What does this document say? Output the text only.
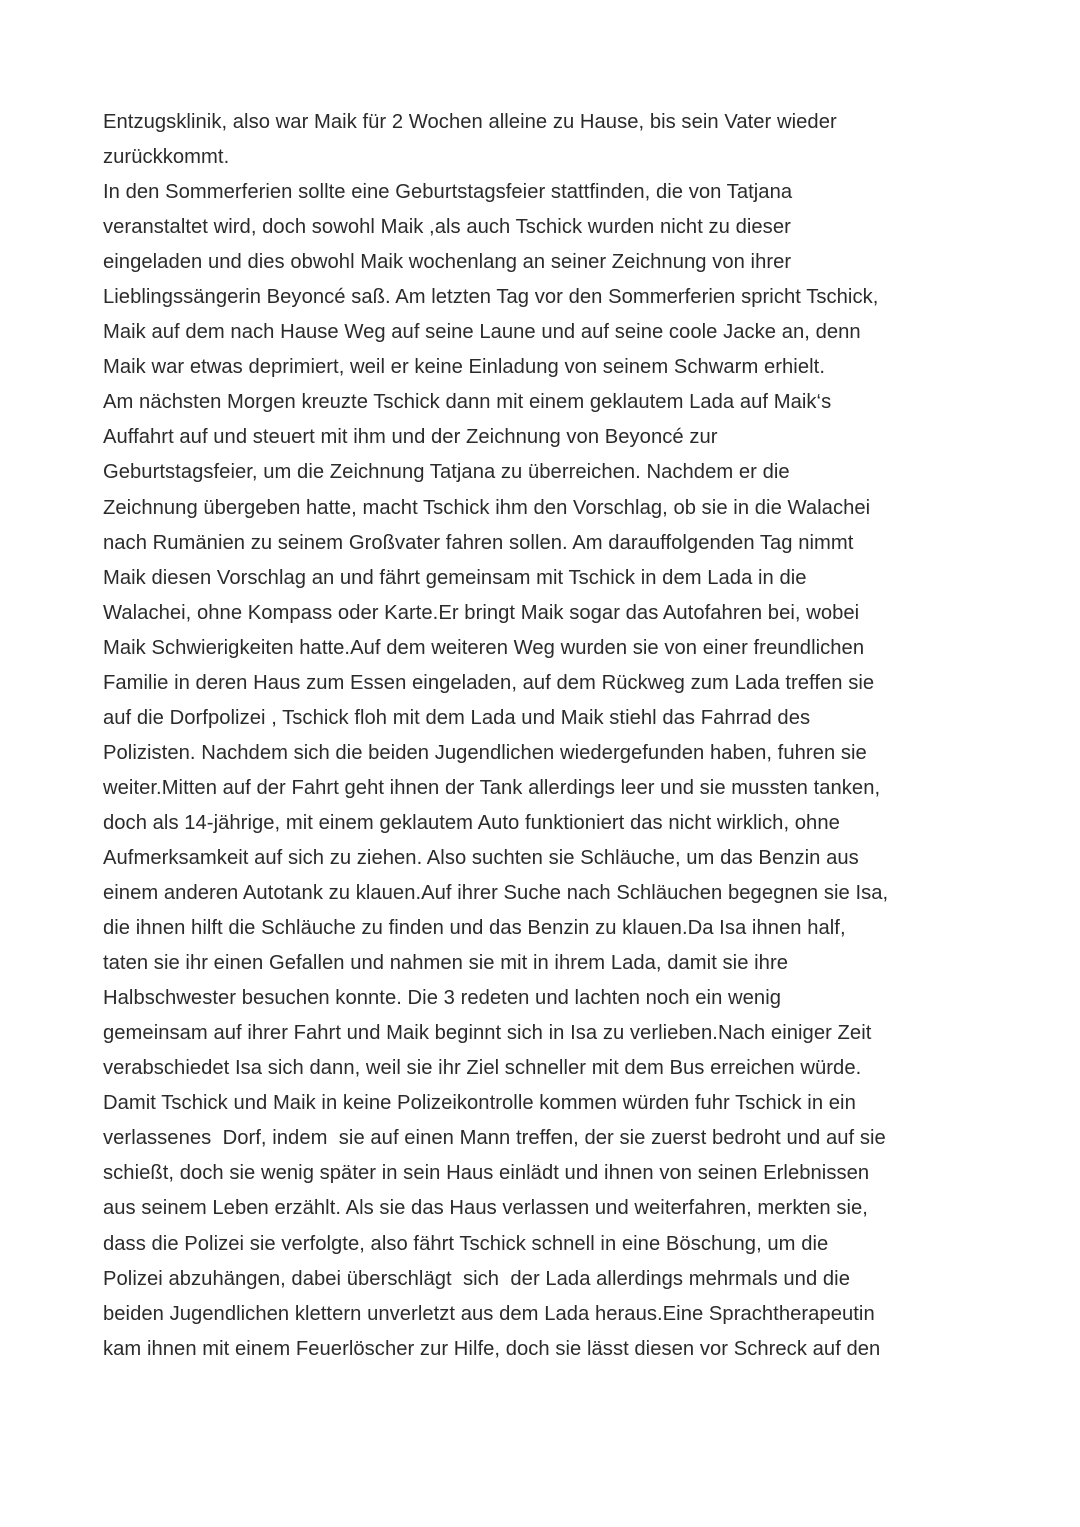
Entzugsklinik, also war Maik für 2 Wochen alleine zu Hause, bis sein Vater wieder
zurückkommt.
In den Sommerferien sollte eine Geburtstagsfeier stattfinden, die von Tatjana
veranstaltet wird, doch sowohl Maik ,als auch Tschick wurden nicht zu dieser
eingeladen und dies obwohl Maik wochenlang an seiner Zeichnung von ihrer
Lieblingssängerin Beyoncé saß. Am letzten Tag vor den Sommerferien spricht Tschick,
Maik auf dem nach Hause Weg auf seine Laune und auf seine coole Jacke an, denn
Maik war etwas deprimiert, weil er keine Einladung von seinem Schwarm erhielt.
Am nächsten Morgen kreuzte Tschick dann mit einem geklautem Lada auf Maik‘s
Auffahrt auf und steuert mit ihm und der Zeichnung von Beyoncé zur
Geburtstagsfeier, um die Zeichnung Tatjana zu überreichen. Nachdem er die
Zeichnung übergeben hatte, macht Tschick ihm den Vorschlag, ob sie in die Walachei
nach Rumänien zu seinem Großvater fahren sollen. Am darauffolgenden Tag nimmt
Maik diesen Vorschlag an und fährt gemeinsam mit Tschick in dem Lada in die
Walachei, ohne Kompass oder Karte.Er bringt Maik sogar das Autofahren bei, wobei
Maik Schwierigkeiten hatte.Auf dem weiteren Weg wurden sie von einer freundlichen
Familie in deren Haus zum Essen eingeladen, auf dem Rückweg zum Lada treffen sie
auf die Dorfpolizei , Tschick floh mit dem Lada und Maik stiehl das Fahrrad des
Polizisten. Nachdem sich die beiden Jugendlichen wiedergefunden haben, fuhren sie
weiter.Mitten auf der Fahrt geht ihnen der Tank allerdings leer und sie mussten tanken,
doch als 14-jährige, mit einem geklautem Auto funktioniert das nicht wirklich, ohne
Aufmerksamkeit auf sich zu ziehen. Also suchten sie Schläuche, um das Benzin aus
einem anderen Autotank zu klauen.Auf ihrer Suche nach Schläuchen begegnen sie Isa,
die ihnen hilft die Schläuche zu finden und das Benzin zu klauen.Da Isa ihnen half,
taten sie ihr einen Gefallen und nahmen sie mit in ihrem Lada, damit sie ihre
Halbschwester besuchen konnte. Die 3 redeten und lachten noch ein wenig
gemeinsam auf ihrer Fahrt und Maik beginnt sich in Isa zu verlieben.Nach einiger Zeit
verabschiedet Isa sich dann, weil sie ihr Ziel schneller mit dem Bus erreichen würde.
Damit Tschick und Maik in keine Polizeikontrolle kommen würden fuhr Tschick in ein
verlassenes  Dorf, indem  sie auf einen Mann treffen, der sie zuerst bedroht und auf sie
schießt, doch sie wenig später in sein Haus einlädt und ihnen von seinen Erlebnissen
aus seinem Leben erzählt. Als sie das Haus verlassen und weiterfahren, merkten sie,
dass die Polizei sie verfolgte, also fährt Tschick schnell in eine Böschung, um die
Polizei abzuhängen, dabei überschlägt  sich  der Lada allerdings mehrmals und die
beiden Jugendlichen klettern unverletzt aus dem Lada heraus.Eine Sprachtherapeutin
kam ihnen mit einem Feuerlöscher zur Hilfe, doch sie lässt diesen vor Schreck auf den
